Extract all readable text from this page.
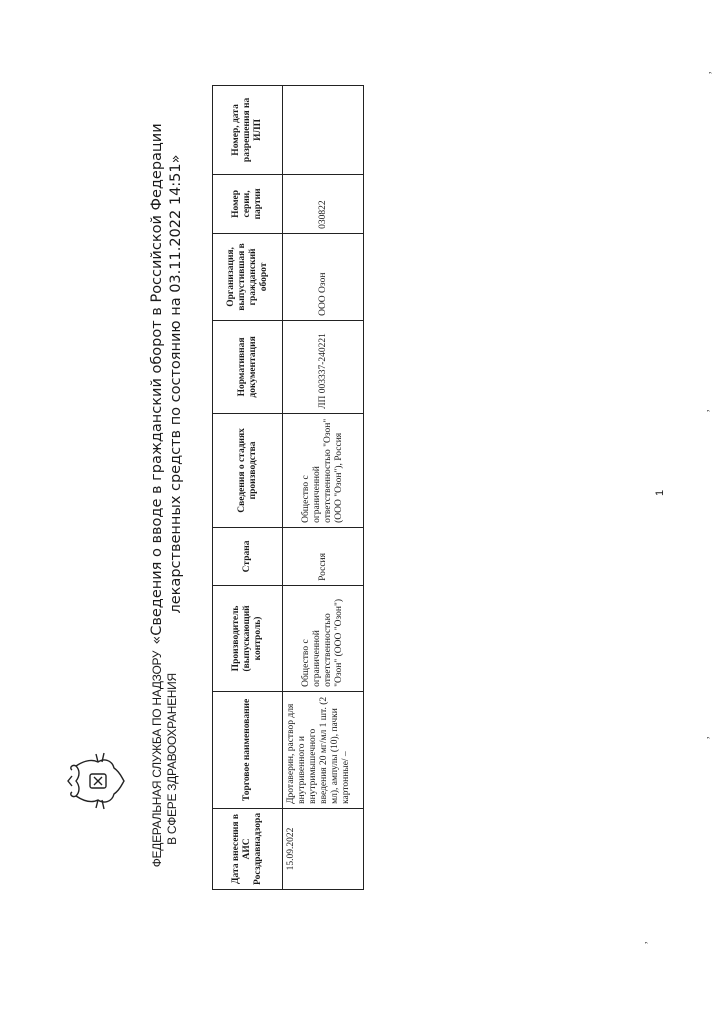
ФЕДЕРАЛЬНАЯ СЛУЖБА ПО НАДЗОРУ В СФЕРЕ ЗДРАВООХРАНЕНИЯ
«Сведения о вводе в гражданский оборот в Российской Федерации лекарственных средств по состоянию на 03.11.2022 14:51»
Дата внесения в АИС Росздравнадзора	Торговое наименование	Производитель (выпускающий контроль)	Страна	Сведения о стадиях производства	Нормативная документация	Организация, выпустившая в гражданский оборот	Номер серии, партии	Номер, дата разрешения на ИЛП
15.09.2022	Дротаверин, раствор для внутривенного и внутримышечного введения 20 мг/мл 1 шт. (2 мл), ампулы (10), пачки картонные/ –	Общество с ограниченной ответственностью "Озон" (ООО "Озон")	Россия	Общество с ограниченной ответственностью "Озон" (ООО "Озон"), Россия	ЛП 003337-240221	ООО Озон	030822	
1
,
,
,
,
